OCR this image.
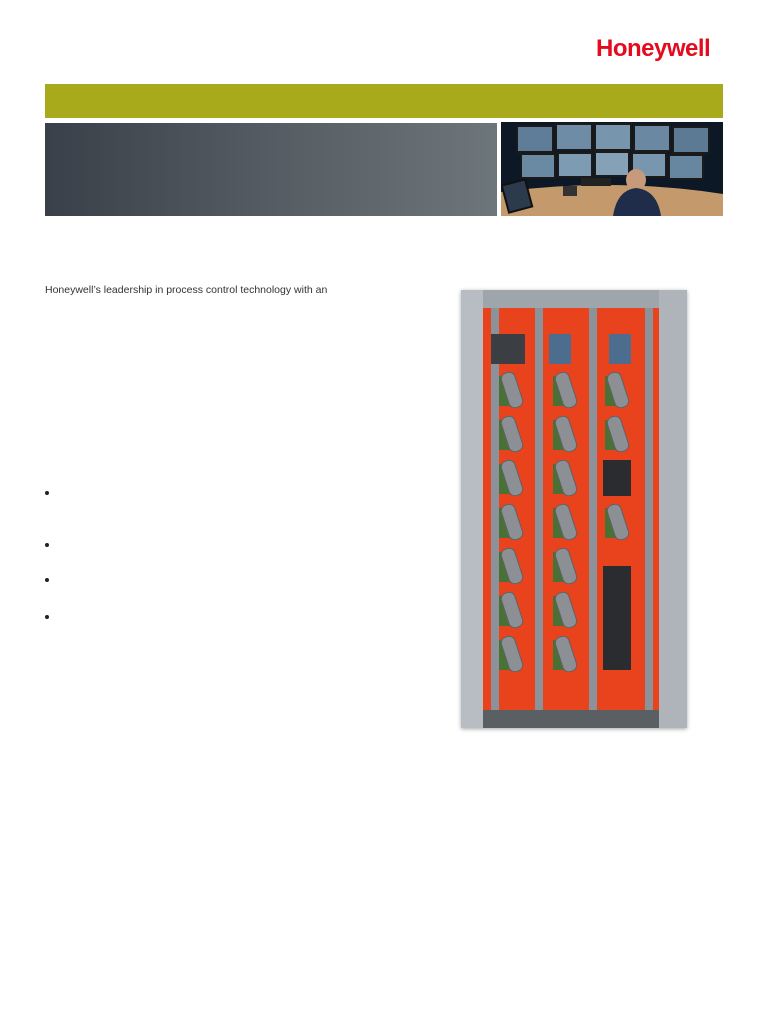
Honeywell

Honeywell’s leadership in process control technology with an
